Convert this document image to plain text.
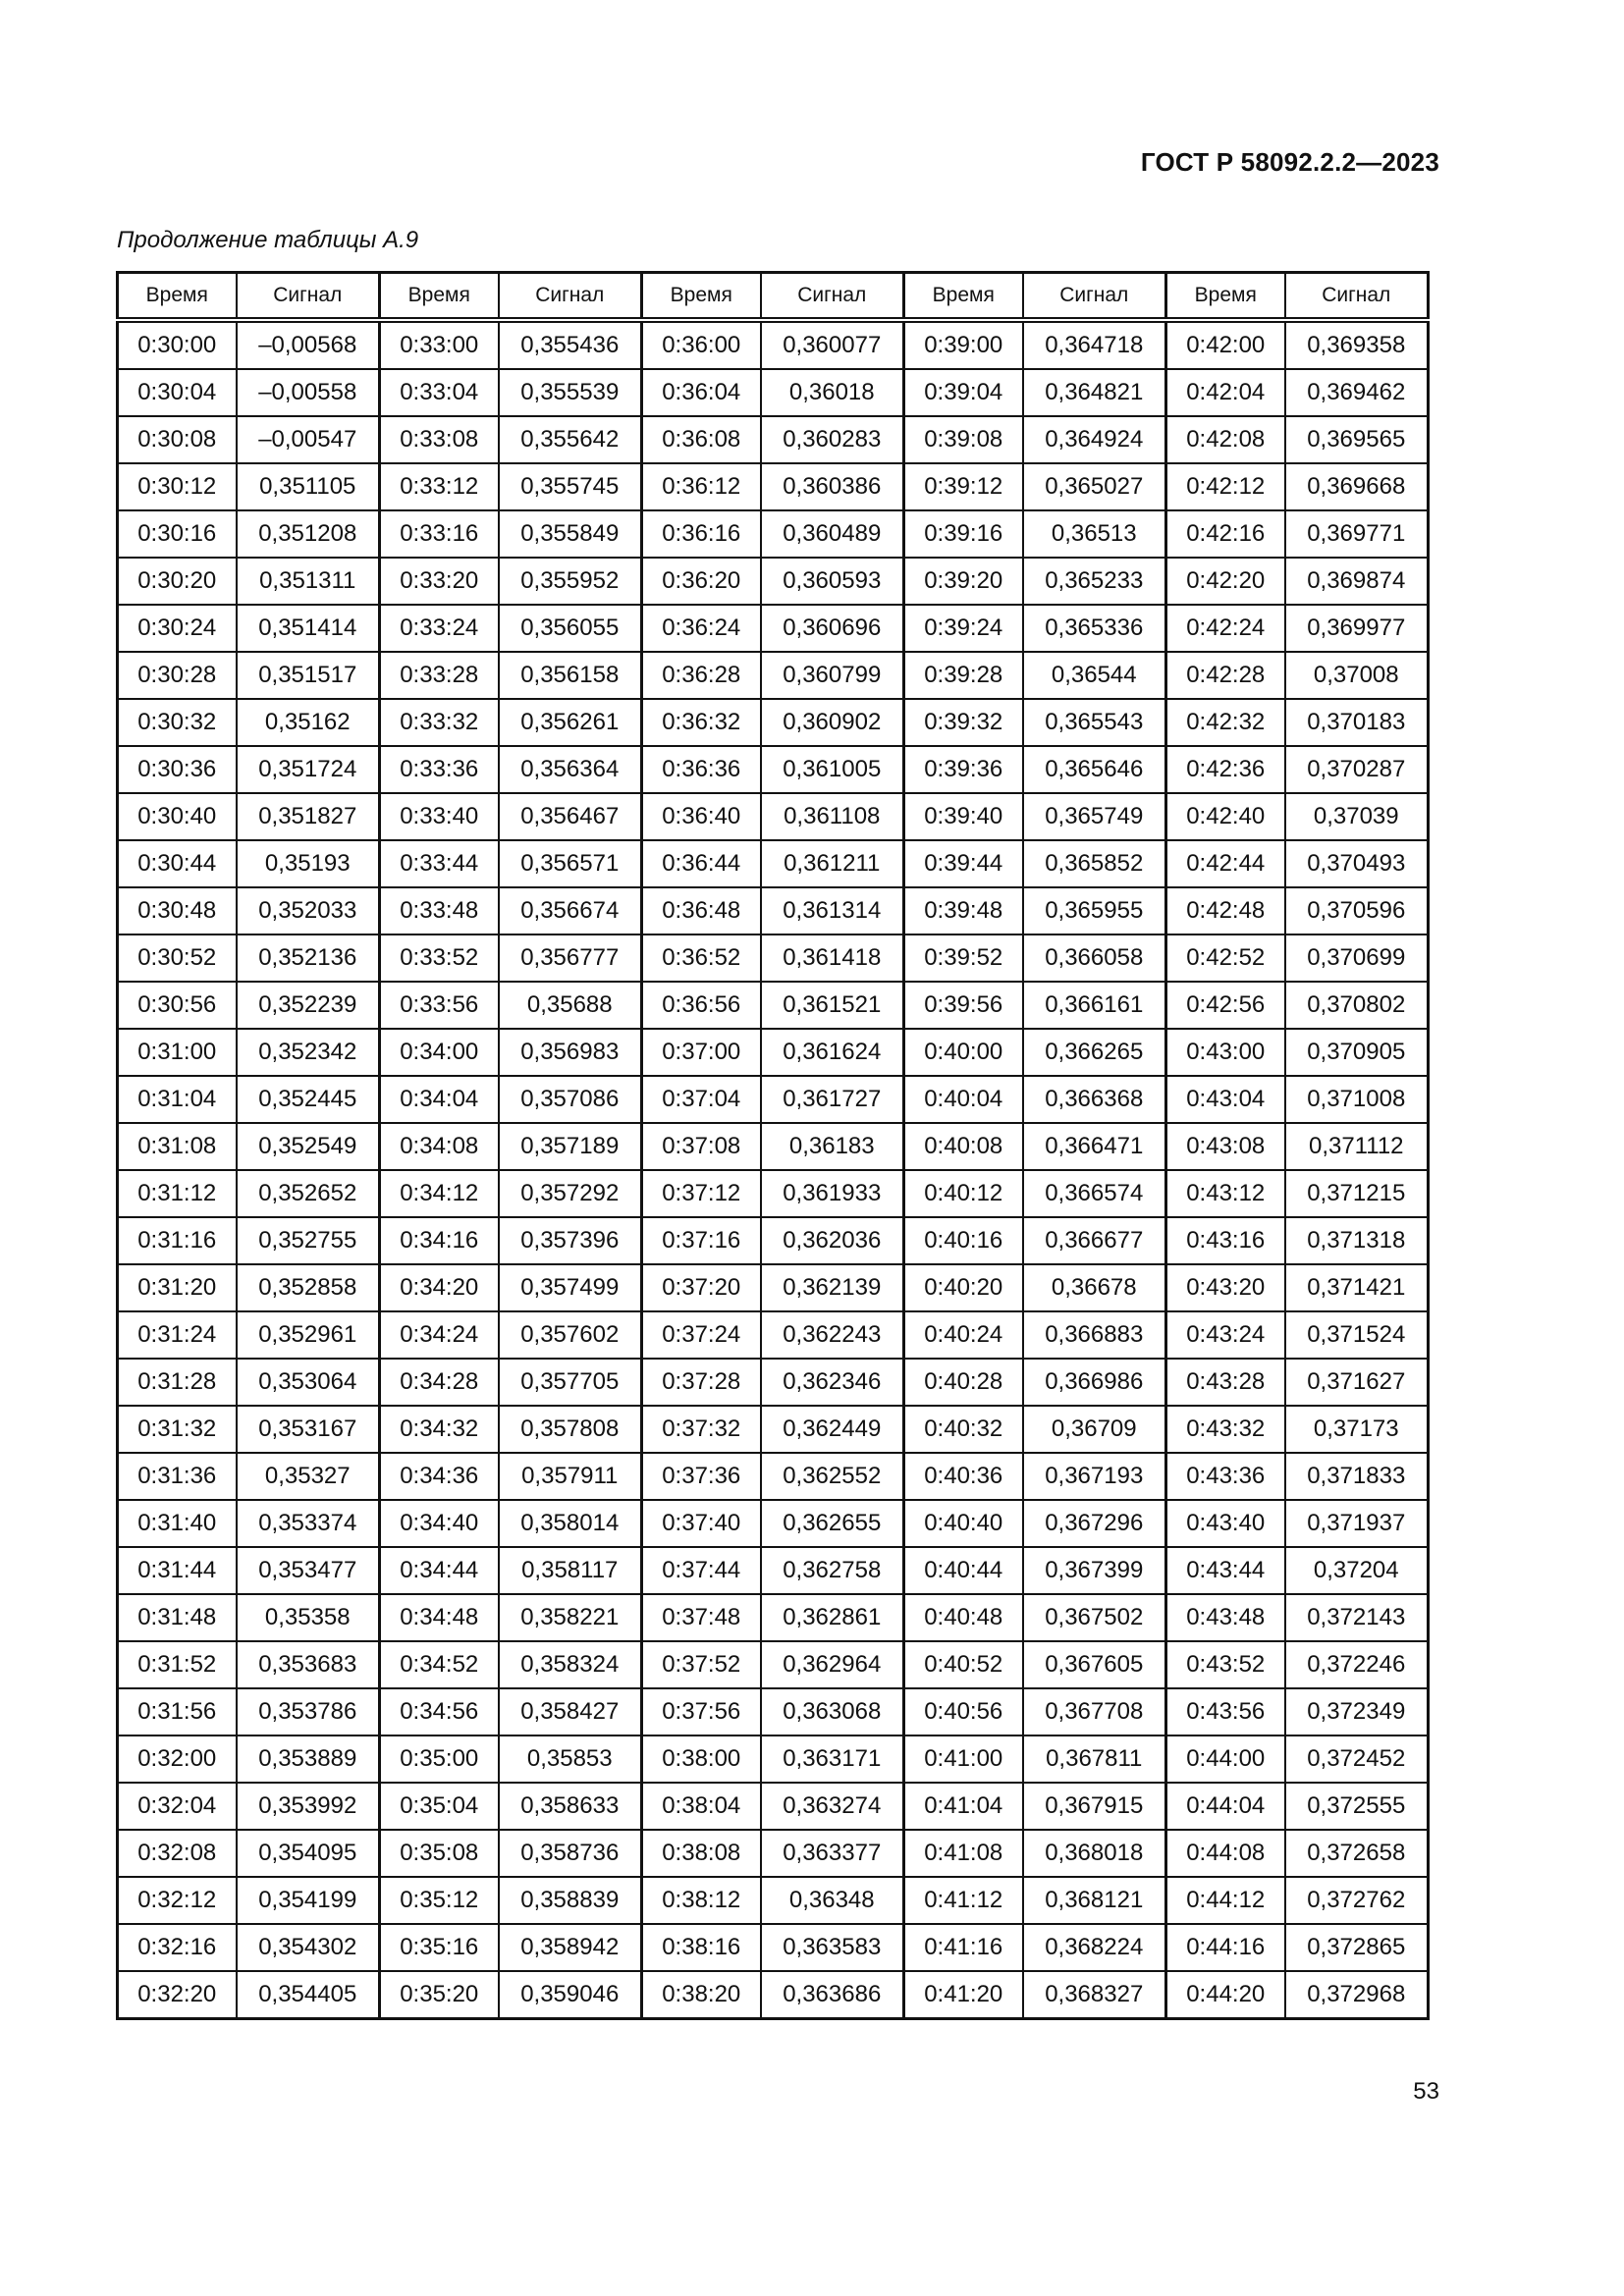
ГОСТ Р 58092.2.2—2023
Продолжение таблицы А.9
Время	Сигнал	Время	Сигнал	Время	Сигнал	Время	Сигнал	Время	Сигнал
0:30:00	–0,00568	0:33:00	0,355436	0:36:00	0,360077	0:39:00	0,364718	0:42:00	0,369358
0:30:04	–0,00558	0:33:04	0,355539	0:36:04	0,36018	0:39:04	0,364821	0:42:04	0,369462
0:30:08	–0,00547	0:33:08	0,355642	0:36:08	0,360283	0:39:08	0,364924	0:42:08	0,369565
0:30:12	0,351105	0:33:12	0,355745	0:36:12	0,360386	0:39:12	0,365027	0:42:12	0,369668
0:30:16	0,351208	0:33:16	0,355849	0:36:16	0,360489	0:39:16	0,36513	0:42:16	0,369771
0:30:20	0,351311	0:33:20	0,355952	0:36:20	0,360593	0:39:20	0,365233	0:42:20	0,369874
0:30:24	0,351414	0:33:24	0,356055	0:36:24	0,360696	0:39:24	0,365336	0:42:24	0,369977
0:30:28	0,351517	0:33:28	0,356158	0:36:28	0,360799	0:39:28	0,36544	0:42:28	0,37008
0:30:32	0,35162	0:33:32	0,356261	0:36:32	0,360902	0:39:32	0,365543	0:42:32	0,370183
0:30:36	0,351724	0:33:36	0,356364	0:36:36	0,361005	0:39:36	0,365646	0:42:36	0,370287
0:30:40	0,351827	0:33:40	0,356467	0:36:40	0,361108	0:39:40	0,365749	0:42:40	0,37039
0:30:44	0,35193	0:33:44	0,356571	0:36:44	0,361211	0:39:44	0,365852	0:42:44	0,370493
0:30:48	0,352033	0:33:48	0,356674	0:36:48	0,361314	0:39:48	0,365955	0:42:48	0,370596
0:30:52	0,352136	0:33:52	0,356777	0:36:52	0,361418	0:39:52	0,366058	0:42:52	0,370699
0:30:56	0,352239	0:33:56	0,35688	0:36:56	0,361521	0:39:56	0,366161	0:42:56	0,370802
0:31:00	0,352342	0:34:00	0,356983	0:37:00	0,361624	0:40:00	0,366265	0:43:00	0,370905
0:31:04	0,352445	0:34:04	0,357086	0:37:04	0,361727	0:40:04	0,366368	0:43:04	0,371008
0:31:08	0,352549	0:34:08	0,357189	0:37:08	0,36183	0:40:08	0,366471	0:43:08	0,371112
0:31:12	0,352652	0:34:12	0,357292	0:37:12	0,361933	0:40:12	0,366574	0:43:12	0,371215
0:31:16	0,352755	0:34:16	0,357396	0:37:16	0,362036	0:40:16	0,366677	0:43:16	0,371318
0:31:20	0,352858	0:34:20	0,357499	0:37:20	0,362139	0:40:20	0,36678	0:43:20	0,371421
0:31:24	0,352961	0:34:24	0,357602	0:37:24	0,362243	0:40:24	0,366883	0:43:24	0,371524
0:31:28	0,353064	0:34:28	0,357705	0:37:28	0,362346	0:40:28	0,366986	0:43:28	0,371627
0:31:32	0,353167	0:34:32	0,357808	0:37:32	0,362449	0:40:32	0,36709	0:43:32	0,37173
0:31:36	0,35327	0:34:36	0,357911	0:37:36	0,362552	0:40:36	0,367193	0:43:36	0,371833
0:31:40	0,353374	0:34:40	0,358014	0:37:40	0,362655	0:40:40	0,367296	0:43:40	0,371937
0:31:44	0,353477	0:34:44	0,358117	0:37:44	0,362758	0:40:44	0,367399	0:43:44	0,37204
0:31:48	0,35358	0:34:48	0,358221	0:37:48	0,362861	0:40:48	0,367502	0:43:48	0,372143
0:31:52	0,353683	0:34:52	0,358324	0:37:52	0,362964	0:40:52	0,367605	0:43:52	0,372246
0:31:56	0,353786	0:34:56	0,358427	0:37:56	0,363068	0:40:56	0,367708	0:43:56	0,372349
0:32:00	0,353889	0:35:00	0,35853	0:38:00	0,363171	0:41:00	0,367811	0:44:00	0,372452
0:32:04	0,353992	0:35:04	0,358633	0:38:04	0,363274	0:41:04	0,367915	0:44:04	0,372555
0:32:08	0,354095	0:35:08	0,358736	0:38:08	0,363377	0:41:08	0,368018	0:44:08	0,372658
0:32:12	0,354199	0:35:12	0,358839	0:38:12	0,36348	0:41:12	0,368121	0:44:12	0,372762
0:32:16	0,354302	0:35:16	0,358942	0:38:16	0,363583	0:41:16	0,368224	0:44:16	0,372865
0:32:20	0,354405	0:35:20	0,359046	0:38:20	0,363686	0:41:20	0,368327	0:44:20	0,372968
53
